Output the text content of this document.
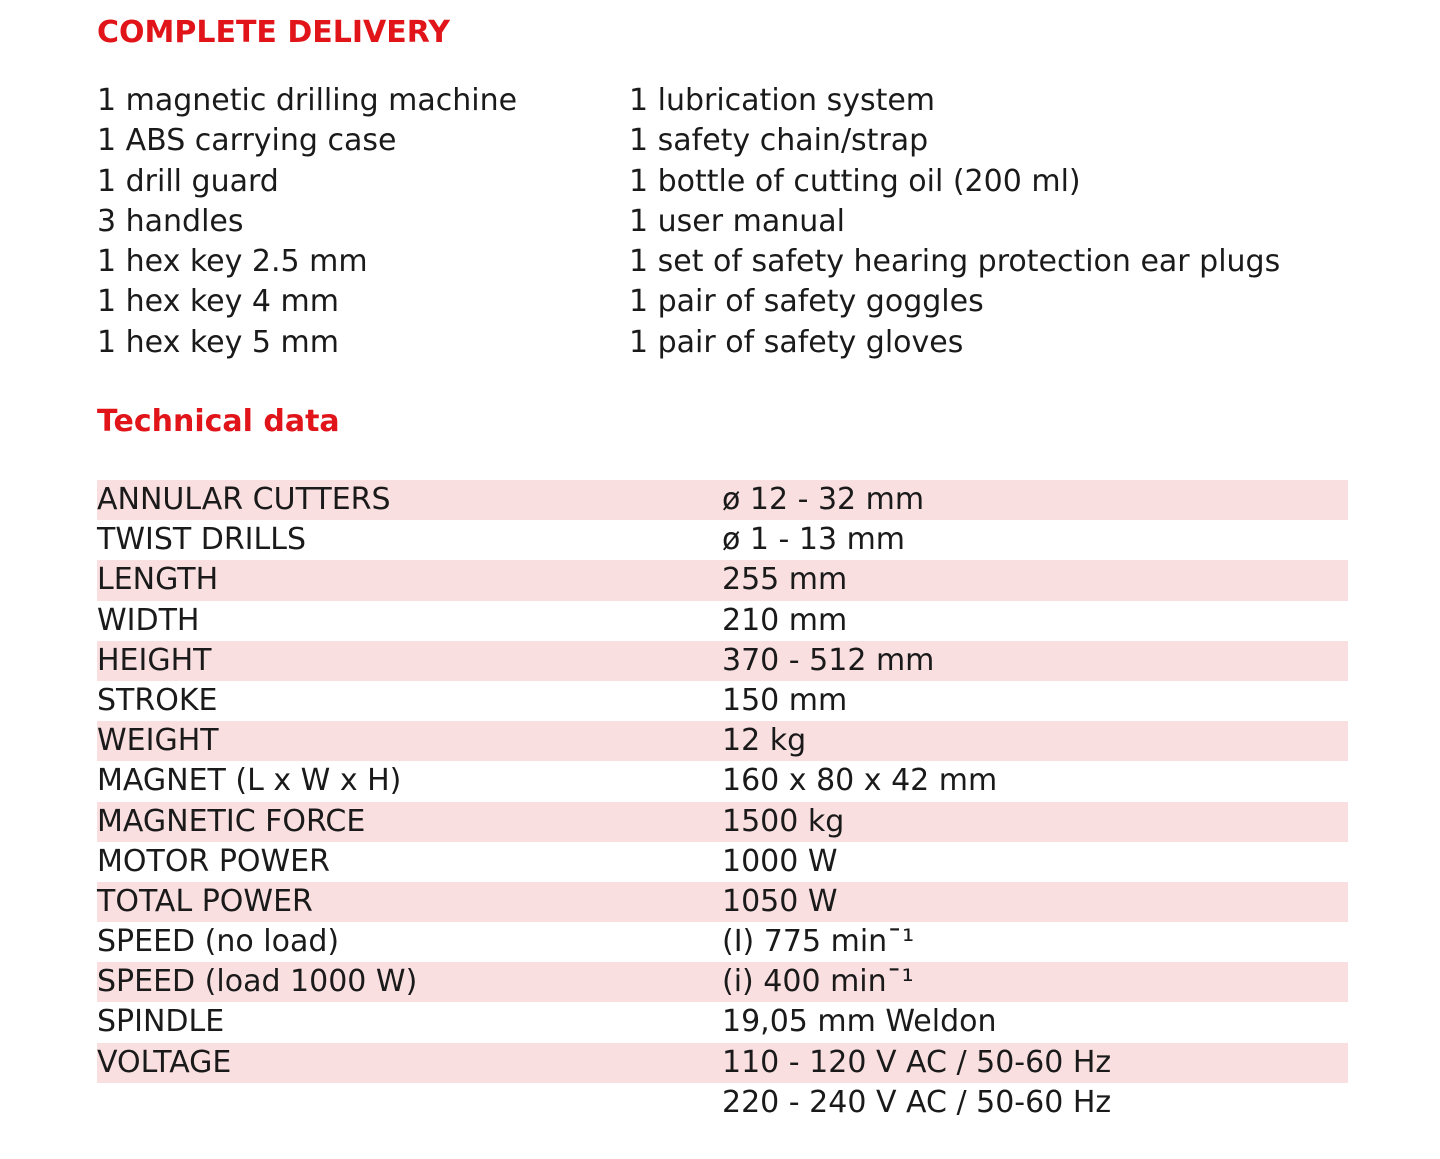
COMPLETE DELIVERY
1 magnetic drilling machine
1 ABS carrying case
1 drill guard
3 handles
1 hex key 2.5 mm
1 hex key 4 mm
1 hex key 5 mm
1 lubrication system
1 safety chain/strap
1 bottle of cutting oil (200 ml)
1 user manual
1 set of safety hearing protection ear plugs
1 pair of safety goggles
1 pair of safety gloves
Technical data
ANNULAR CUTTERS	ø 12 - 32 mm
TWIST DRILLS	ø 1 - 13 mm
LENGTH	255 mm
WIDTH	210 mm
HEIGHT	370 - 512 mm
STROKE	150 mm
WEIGHT	12 kg
MAGNET (L x W x H)	160 x 80 x 42 mm
MAGNETIC FORCE	1500 kg
MOTOR POWER	1000 W
TOTAL POWER	1050 W
SPEED (no load)	(I) 775 min¯¹
SPEED (load 1000 W)	(i) 400 min¯¹
SPINDLE	19,05 mm Weldon
VOLTAGE	110 - 120 V AC / 50-60 Hz
220 - 240 V AC / 50-60 Hz
